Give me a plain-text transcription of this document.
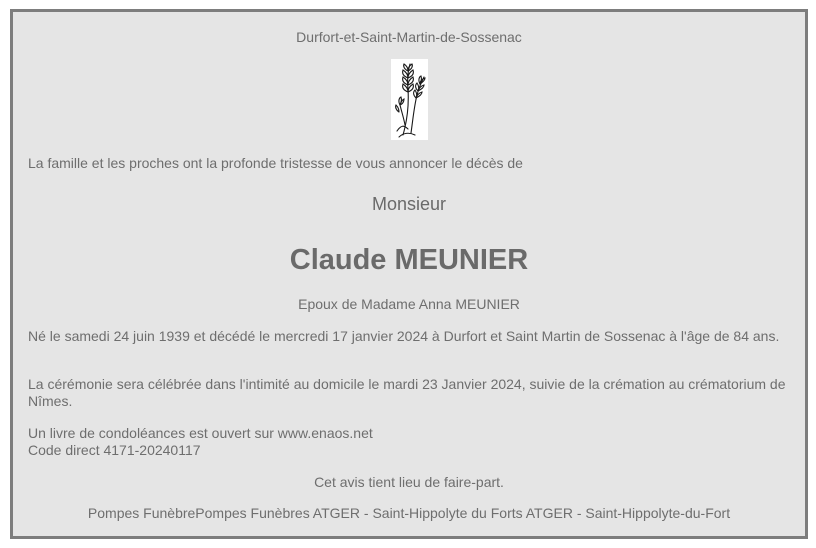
Durfort-et-Saint-Martin-de-Sossenac

La famille et les proches ont la profonde tristesse de vous annoncer le décès de

Monsieur

Claude MEUNIER

Epoux de Madame Anna MEUNIER

Né le samedi 24 juin 1939 et décédé le mercredi 17 janvier 2024 à Durfort et Saint Martin de Sossenac à l'âge de 84 ans.

La cérémonie sera célébrée dans l'intimité au domicile le mardi 23 Janvier 2024, suivie de la crémation au crématorium de Nîmes.

Un livre de condoléances est ouvert sur www.enaos.net
Code direct 4171-20240117

Cet avis tient lieu de faire-part.

Pompes FunèbrePompes Funèbres ATGER - Saint-Hippolyte du Forts ATGER - Saint-Hippolyte-du-Fort
